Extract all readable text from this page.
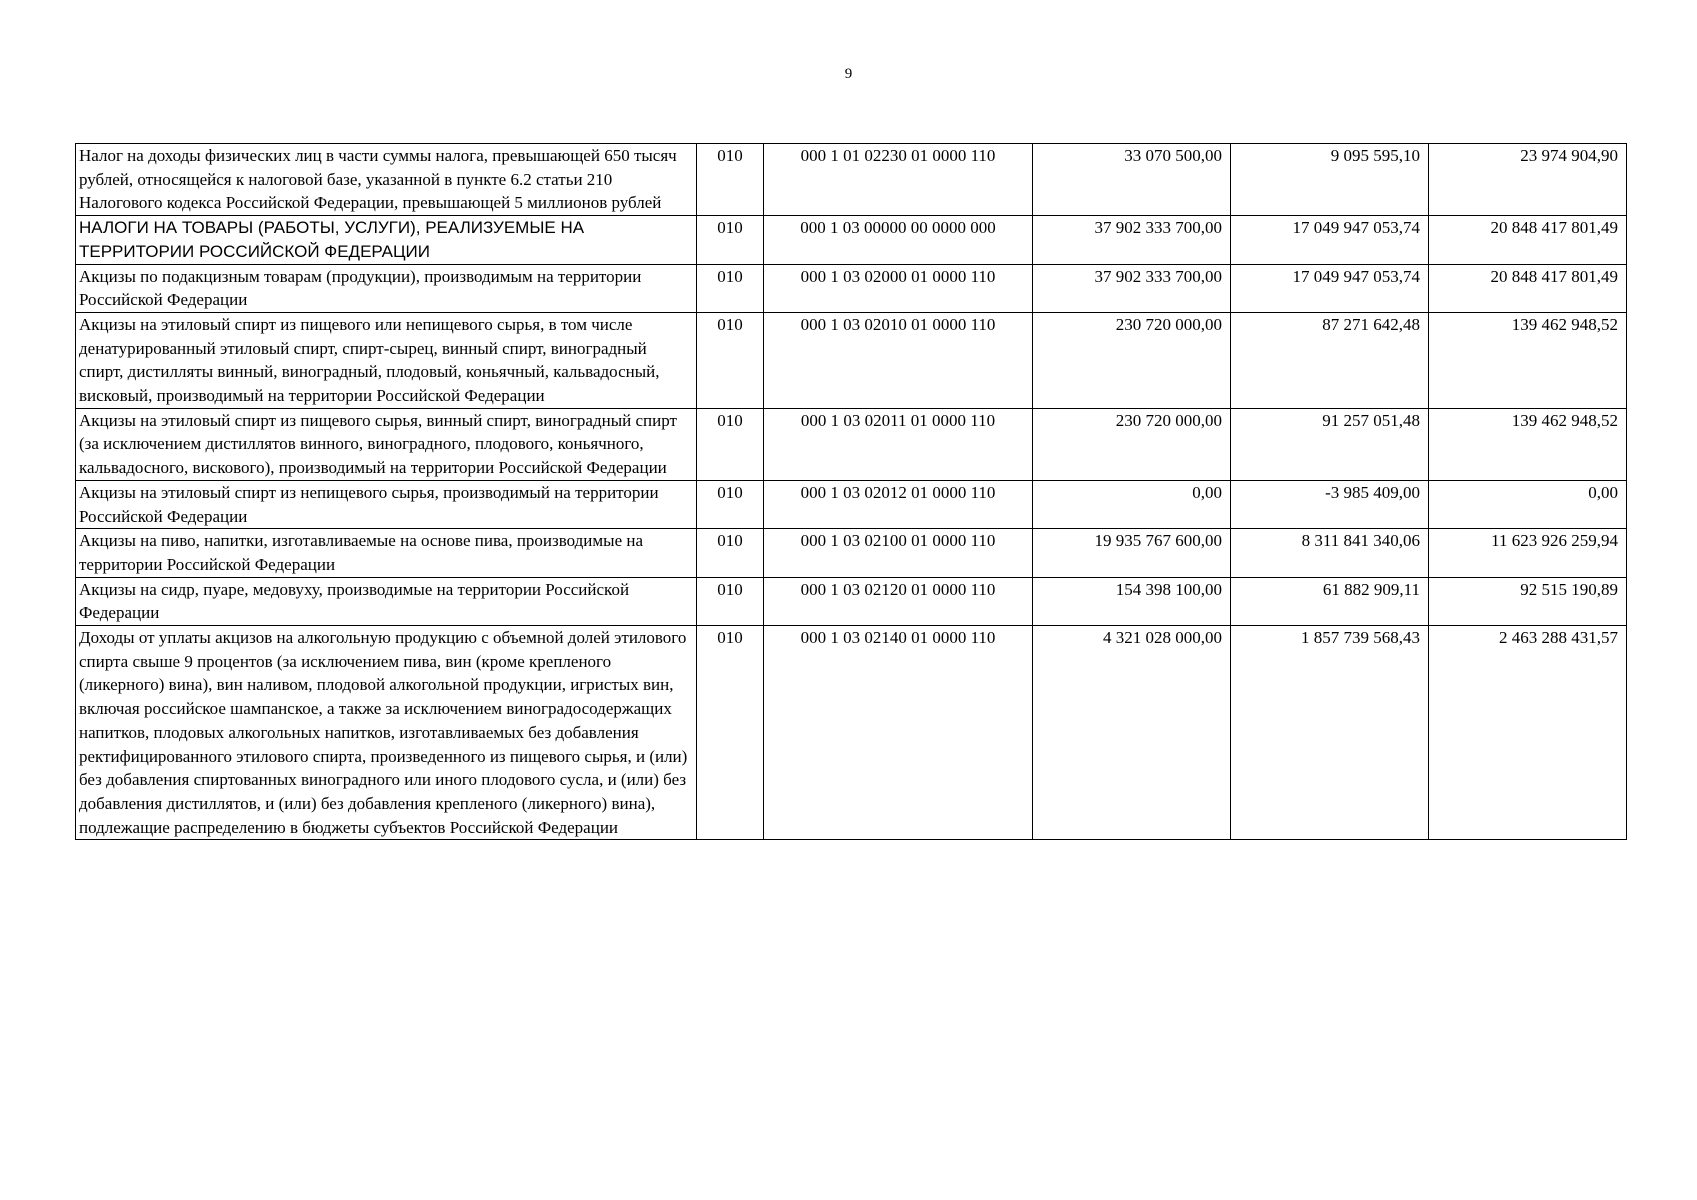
9
Налог на доходы физических лиц в части суммы налога, превышающей 650 тысяч рублей, относящейся к налоговой базе, указанной в пункте 6.2 статьи 210 Налогового кодекса Российской Федерации, превышающей 5 миллионов рублей	010	000 1 01 02230 01 0000 110	33 070 500,00	9 095 595,10	23 974 904,90
НАЛОГИ НА ТОВАРЫ (РАБОТЫ, УСЛУГИ), РЕАЛИЗУЕМЫЕ НА ТЕРРИТОРИИ РОССИЙСКОЙ ФЕДЕРАЦИИ	010	000 1 03 00000 00 0000 000	37 902 333 700,00	17 049 947 053,74	20 848 417 801,49
Акцизы по подакцизным товарам (продукции), производимым на территории Российской Федерации	010	000 1 03 02000 01 0000 110	37 902 333 700,00	17 049 947 053,74	20 848 417 801,49
Акцизы на этиловый спирт из пищевого или непищевого сырья, в том числе денатурированный этиловый спирт, спирт-сырец, винный спирт, виноградный спирт, дистилляты винный, виноградный, плодовый, коньячный, кальвадосный, висковый, производимый на территории Российской Федерации	010	000 1 03 02010 01 0000 110	230 720 000,00	87 271 642,48	139 462 948,52
Акцизы на этиловый спирт из пищевого сырья, винный спирт, виноградный спирт (за исключением дистиллятов винного, виноградного, плодового, коньячного, кальвадосного, вискового), производимый на территории Российской Федерации	010	000 1 03 02011 01 0000 110	230 720 000,00	91 257 051,48	139 462 948,52
Акцизы на этиловый спирт из непищевого сырья, производимый на территории Российской Федерации	010	000 1 03 02012 01 0000 110	0,00	-3 985 409,00	0,00
Акцизы на пиво, напитки, изготавливаемые на основе пива, производимые на территории Российской Федерации	010	000 1 03 02100 01 0000 110	19 935 767 600,00	8 311 841 340,06	11 623 926 259,94
Акцизы на сидр, пуаре, медовуху, производимые на территории Российской Федерации	010	000 1 03 02120 01 0000 110	154 398 100,00	61 882 909,11	92 515 190,89
Доходы от уплаты акцизов на алкогольную продукцию с объемной долей этилового спирта свыше 9 процентов (за исключением пива, вин (кроме крепленого (ликерного) вина), вин наливом, плодовой алкогольной продукции, игристых вин, включая российское шампанское, а также за исключением виноградосодержащих напитков, плодовых алкогольных напитков, изготавливаемых без добавления ректифицированного этилового спирта, произведенного из пищевого сырья, и (или) без добавления спиртованных виноградного или иного плодового сусла, и (или) без добавления дистиллятов, и (или) без добавления крепленого (ликерного) вина), подлежащие распределению в бюджеты субъектов Российской Федерации	010	000 1 03 02140 01 0000 110	4 321 028 000,00	1 857 739 568,43	2 463 288 431,57
